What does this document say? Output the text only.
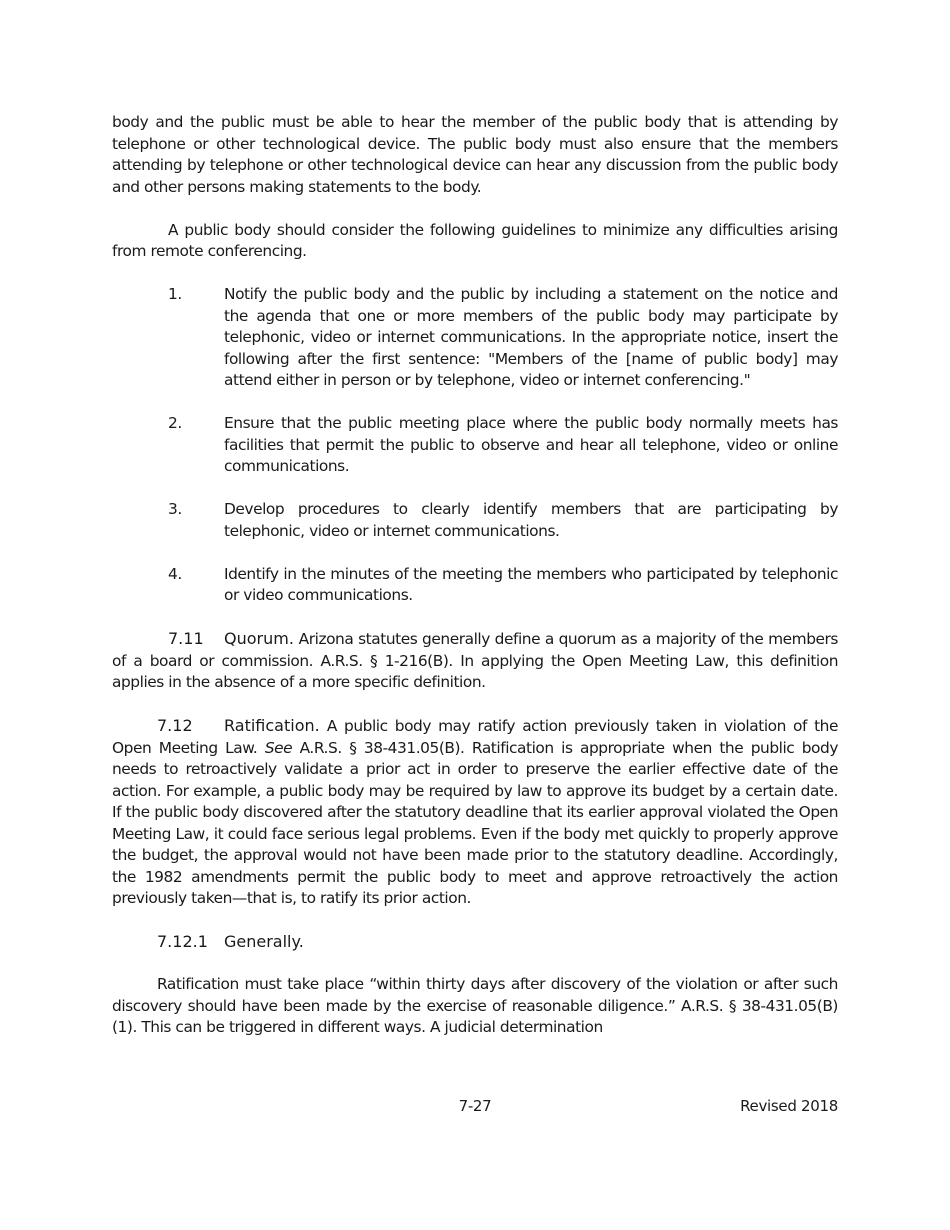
body and the public must be able to hear the member of the public body that is attending by telephone or other technological device. The public body must also ensure that the members attending by telephone or other technological device can hear any discussion from the public body and other persons making statements to the body.

A public body should consider the following guidelines to minimize any difficulties arising from remote conferencing.

1.	Notify the public body and the public by including a statement on the notice and the agenda that one or more members of the public body may participate by telephonic, video or internet communications. In the appropriate notice, insert the following after the first sentence: "Members of the [name of public body] may attend either in person or by telephone, video or internet conferencing."

2.	Ensure that the public meeting place where the public body normally meets has facilities that permit the public to observe and hear all telephone, video or online communications.

3.	Develop procedures to clearly identify members that are participating by telephonic, video or internet communications.

4.	Identify in the minutes of the meeting the members who participated by telephonic or video communications.

7.11 Quorum. Arizona statutes generally define a quorum as a majority of the members of a board or commission. A.R.S. § 1-216(B). In applying the Open Meeting Law, this definition applies in the absence of a more specific definition.

7.12 Ratification. A public body may ratify action previously taken in violation of the Open Meeting Law. See A.R.S. § 38-431.05(B). Ratification is appropriate when the public body needs to retroactively validate a prior act in order to preserve the earlier effective date of the action. For example, a public body may be required by law to approve its budget by a certain date. If the public body discovered after the statutory deadline that its earlier approval violated the Open Meeting Law, it could face serious legal problems. Even if the body met quickly to properly approve the budget, the approval would not have been made prior to the statutory deadline. Accordingly, the 1982 amendments permit the public body to meet and approve retroactively the action previously taken—that is, to ratify its prior action.

7.12.1 Generally.

Ratification must take place “within thirty days after discovery of the violation or after such discovery should have been made by the exercise of reasonable diligence.” A.R.S. § 38-431.05(B)(1). This can be triggered in different ways. A judicial determination

7-27	Revised 2018
